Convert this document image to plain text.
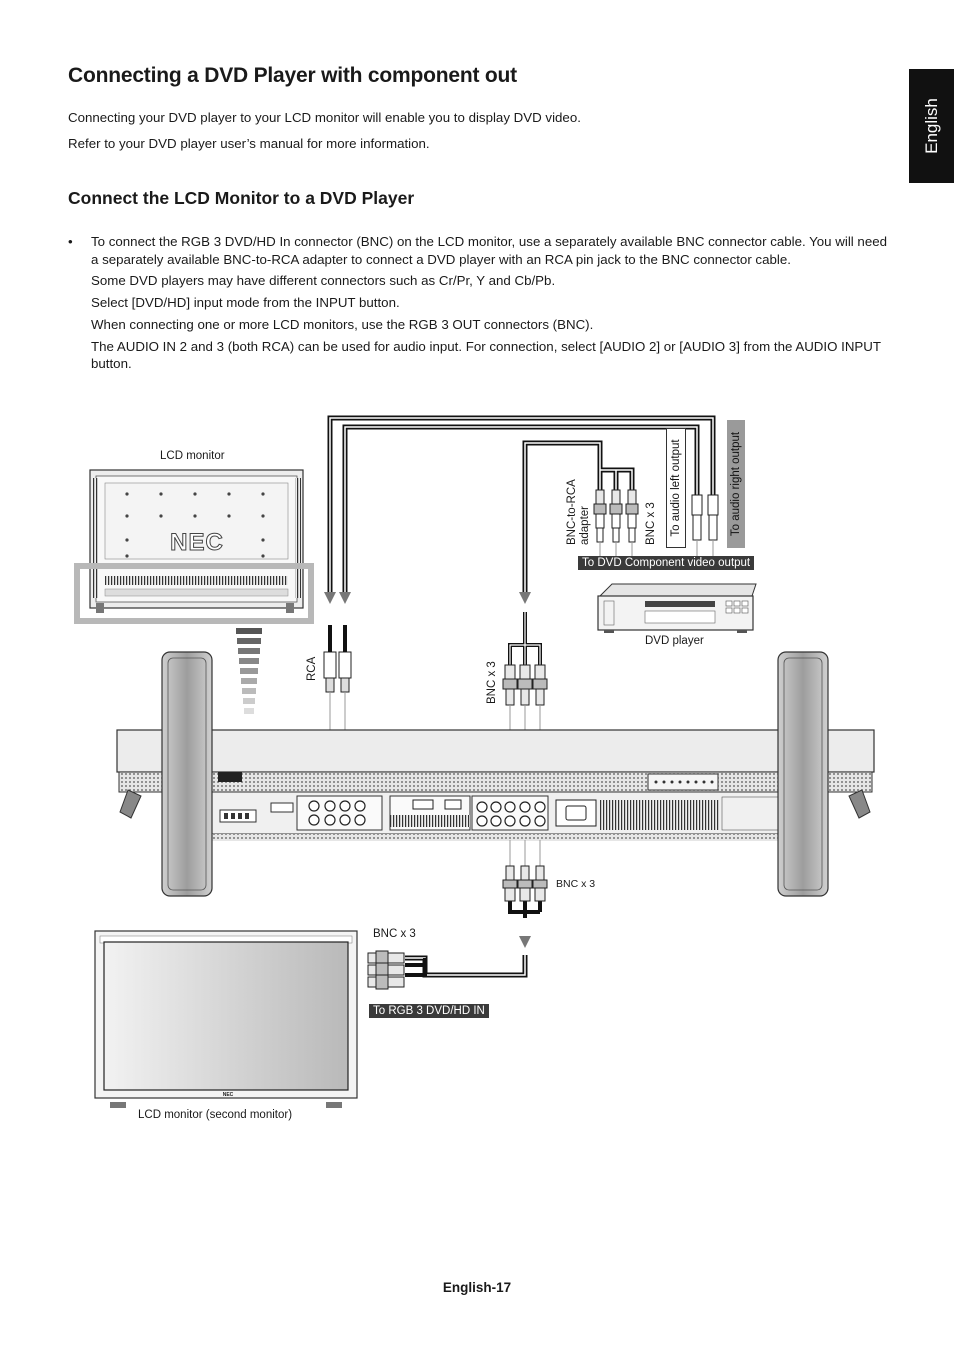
Connecting a DVD Player with component out

Connecting your DVD player to your LCD monitor will enable you to display DVD video.

Refer to your DVD player user’s manual for more information.

Connect the LCD Monitor to a DVD Player
• To connect the RGB 3 DVD/HD In connector (BNC) on the LCD monitor, use a separately available BNC connector cable. You will need a separately available BNC-to-RCA adapter to connect a DVD player with an RCA pin jack to the BNC connector cable.

Some DVD players may have different connectors such as Cr/Pr, Y and Cb/Pb.

Select [DVD/HD] input mode from the INPUT button.

When connecting one or more LCD monitors, use the RGB 3 OUT connectors (BNC).

The AUDIO IN 2 and 3 (both RCA) can be used for audio input. For connection, select [AUDIO 2] or [AUDIO 3] from the AUDIO INPUT button.

English
NEC
NEC
LCD monitor
RCA	BNC x 3
BNC-to-RCA adapter	BNC x 3 To audio left output	To audio right output
To DVD Component video output
DVD player
BNC x 3
BNC x 3
To RGB 3 DVD/HD IN
LCD monitor (second monitor)
English-17
